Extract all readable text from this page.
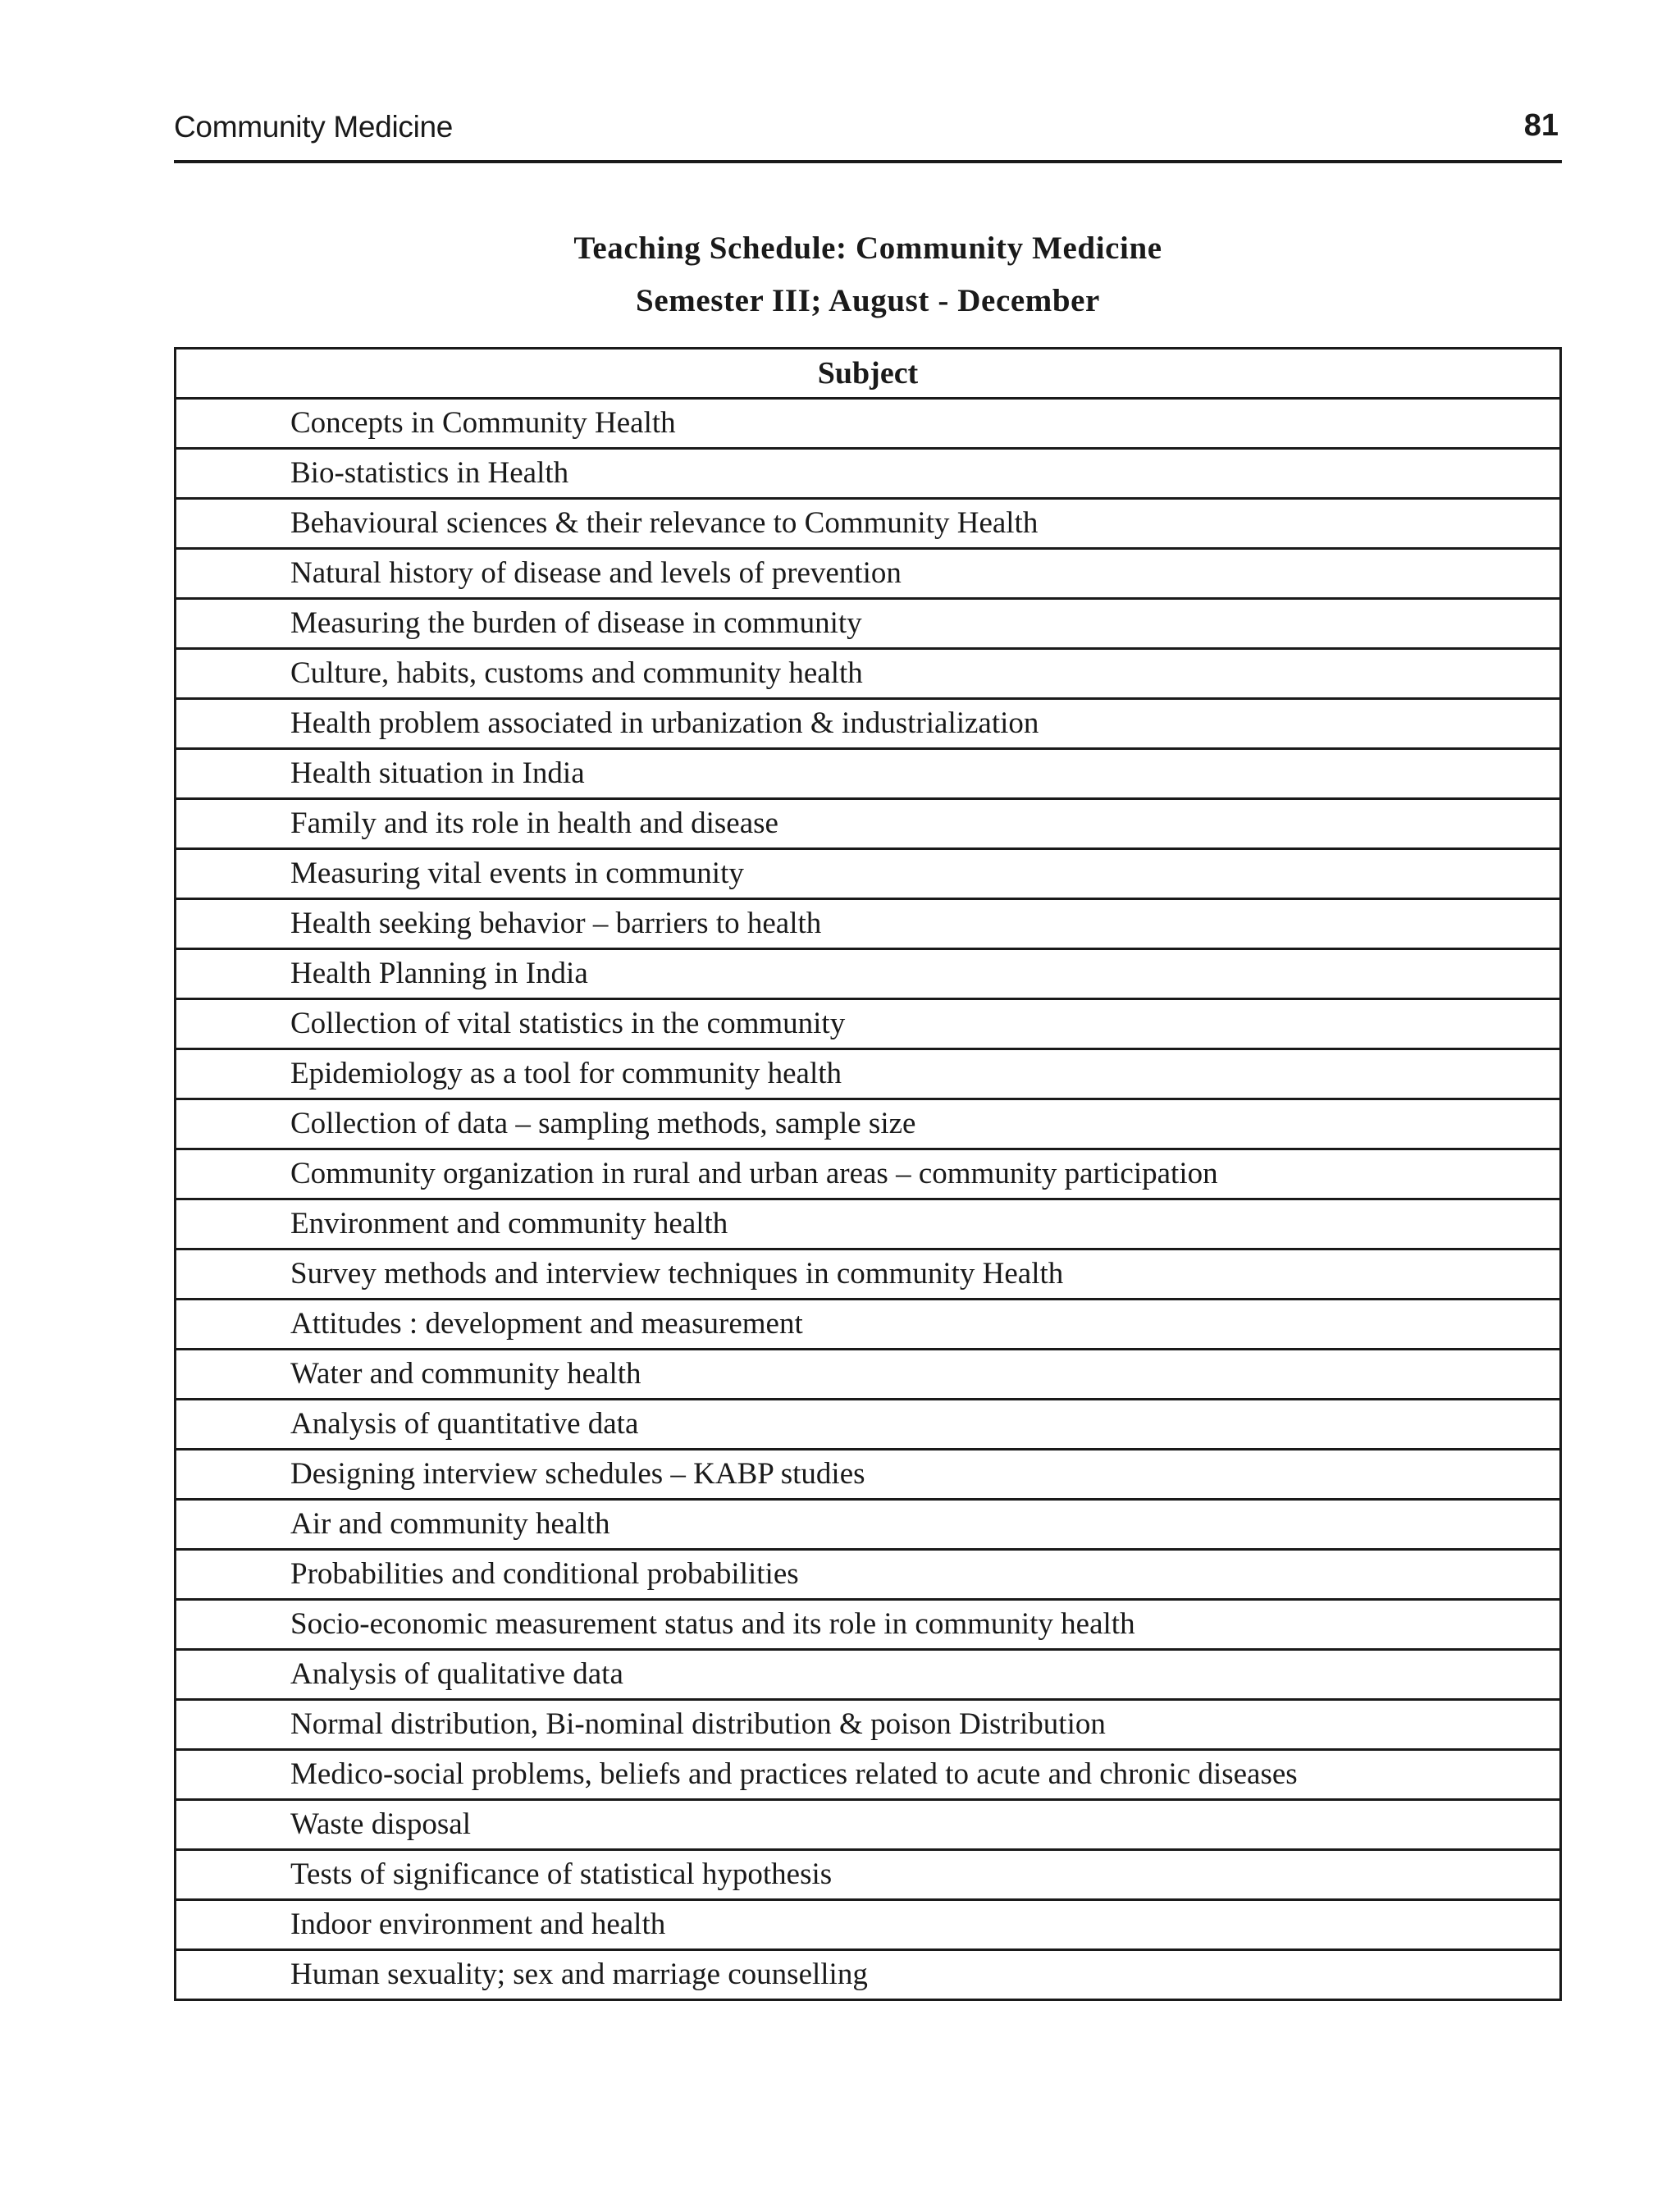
Community Medicine	81
Teaching Schedule: Community Medicine
Semester III; August - December
Subject
Concepts in Community Health
Bio-statistics in Health
Behavioural sciences & their relevance to Community Health
Natural history of disease and levels of prevention
Measuring the burden of disease in community
Culture, habits, customs and community health
Health problem associated in urbanization & industrialization
Health situation in India
Family and its role in health and disease
Measuring vital events in community
Health seeking behavior – barriers to health
Health Planning in India
Collection of vital statistics in the community
Epidemiology as a tool for community health
Collection of data – sampling methods, sample size
Community organization in rural and urban areas – community participation
Environment and community health
Survey methods and interview techniques in community Health
Attitudes : development and measurement
Water and community health
Analysis of quantitative data
Designing interview schedules – KABP studies
Air and community health
Probabilities and conditional probabilities
Socio-economic measurement status and its role in community health
Analysis of qualitative data
Normal distribution, Bi-nominal distribution & poison Distribution
Medico-social problems, beliefs and practices related to acute and chronic diseases
Waste disposal
Tests of significance of statistical hypothesis
Indoor environment and health
Human sexuality; sex and marriage counselling
